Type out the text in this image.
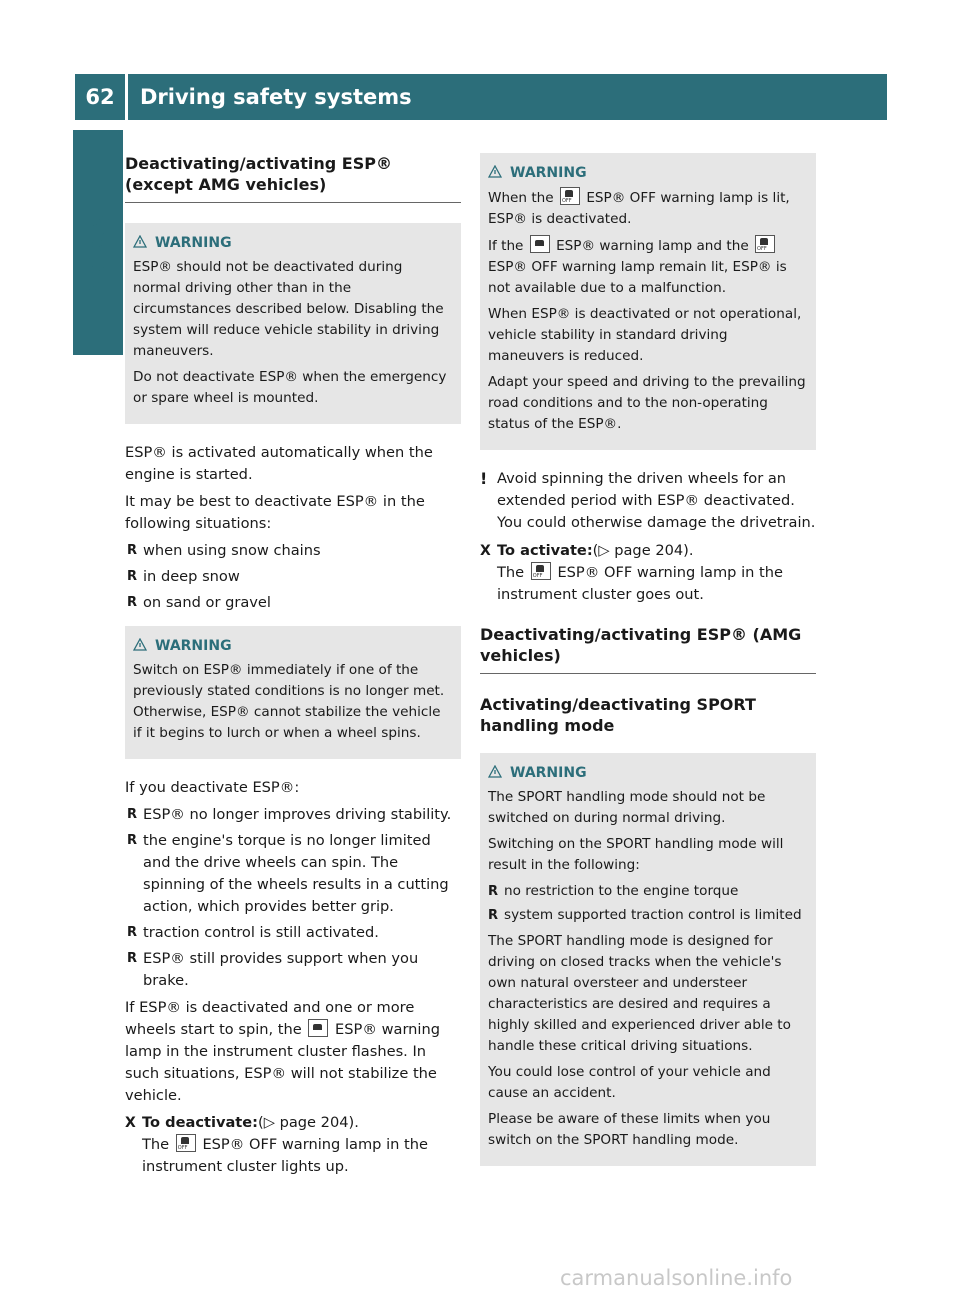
62	Driving safety systems
Safety
Deactivating/activating ESP® (except AMG vehicles)
WARNING

ESP® should not be deactivated during normal driving other than in the circumstances described below. Disabling the system will reduce vehicle stability in driving maneuvers.

Do not deactivate ESP® when the emergency or spare wheel is mounted.

ESP® is activated automatically when the engine is started.

It may be best to deactivate ESP® in the following situations:

R when using snow chains
R in deep snow
R on sand or gravel
WARNING

Switch on ESP® immediately if one of the previously stated conditions is no longer met. Otherwise, ESP® cannot stabilize the vehicle if it begins to lurch or when a wheel spins.

If you deactivate ESP®:

R ESP® no longer improves driving stability.
R the engine's torque is no longer limited and the drive wheels can spin. The spinning of the wheels results in a cutting action, which provides better grip.
R traction control is still activated.
R ESP® still provides support when you brake.

If ESP® is deactivated and one or more wheels start to spin, the ESP® warning lamp in the instrument cluster flashes. In such situations, ESP® will not stabilize the vehicle.

X To deactivate:(▷ page 204).
The OFF ESP® OFF warning lamp in the instrument cluster lights up.
WARNING

When the OFF ESP® OFF warning lamp is lit, ESP® is deactivated.

If the ESP® warning lamp and the OFF ESP® OFF warning lamp remain lit, ESP® is not available due to a malfunction.

When ESP® is deactivated or not operational, vehicle stability in standard driving maneuvers is reduced.

Adapt your speed and driving to the prevailing road conditions and to the non-operating status of the ESP®.

! Avoid spinning the driven wheels for an extended period with ESP® deactivated. You could otherwise damage the drivetrain.
X To activate:(▷ page 204).
The OFF ESP® OFF warning lamp in the instrument cluster goes out.
Deactivating/activating ESP® (AMG vehicles)
Activating/deactivating SPORT handling mode
WARNING

The SPORT handling mode should not be switched on during normal driving.

Switching on the SPORT handling mode will result in the following:

R no restriction to the engine torque
R system supported traction control is limited

The SPORT handling mode is designed for driving on closed tracks when the vehicle's own natural oversteer and understeer characteristics are desired and requires a highly skilled and experienced driver able to handle these critical driving situations.

You could lose control of your vehicle and cause an accident.

Please be aware of these limits when you switch on the SPORT handling mode.

carmanualsonline.info
